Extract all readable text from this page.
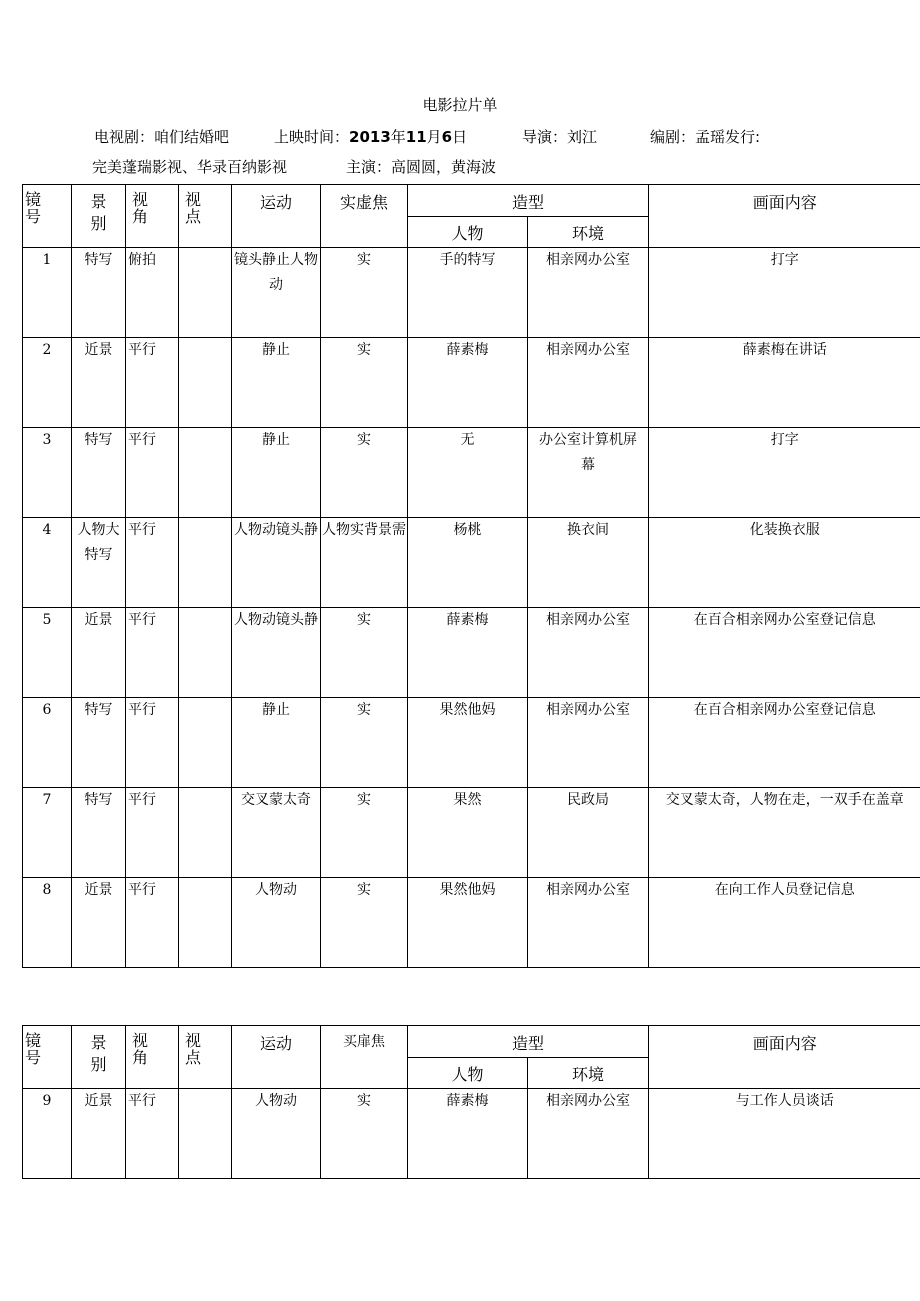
电影拉片单
电视剧：咱们结婚吧	上映时间：2013年11月6日	导演：刘江	编剧：孟瑶发行:
完美蓬瑞影视、华录百纳影视	主演：高圆圆，黄海波
镜号	景别	视角	视点	运动	实虚焦	造型		画面内容

						人物	环境	

1	特写	俯拍		镜头静止人物动	实	手的特写	相亲网办公室	打字

2	近景	平行		静止	实	薛素梅	相亲网办公室	薛素梅在讲话

3	特写	平行		静止	实	无	办公室计算机屏幕	打字

4	人物大特写	平行		人物动镜头静	人物实背景需	杨桃	换衣间	化装换衣服

5	近景	平行		人物动镜头静	实	薛素梅	相亲网办公室	在百合相亲网办公室登记信息

6	特写	平行		静止	实	果然他妈	相亲网办公室	在百合相亲网办公室登记信息

7	特写	平行		交叉蒙太奇	实	果然	民政局	交叉蒙太奇，人物在走，一双手在盖章

8	近景	平行		人物动	实	果然他妈	相亲网办公室	在向工作人员登记信息
镜号	景别	视角	视点	运动	买扉焦	造型		画面内容

						人物	环境	

9	近景	平行		人物动	实	薛素梅	相亲网办公室	与工作人员谈话
